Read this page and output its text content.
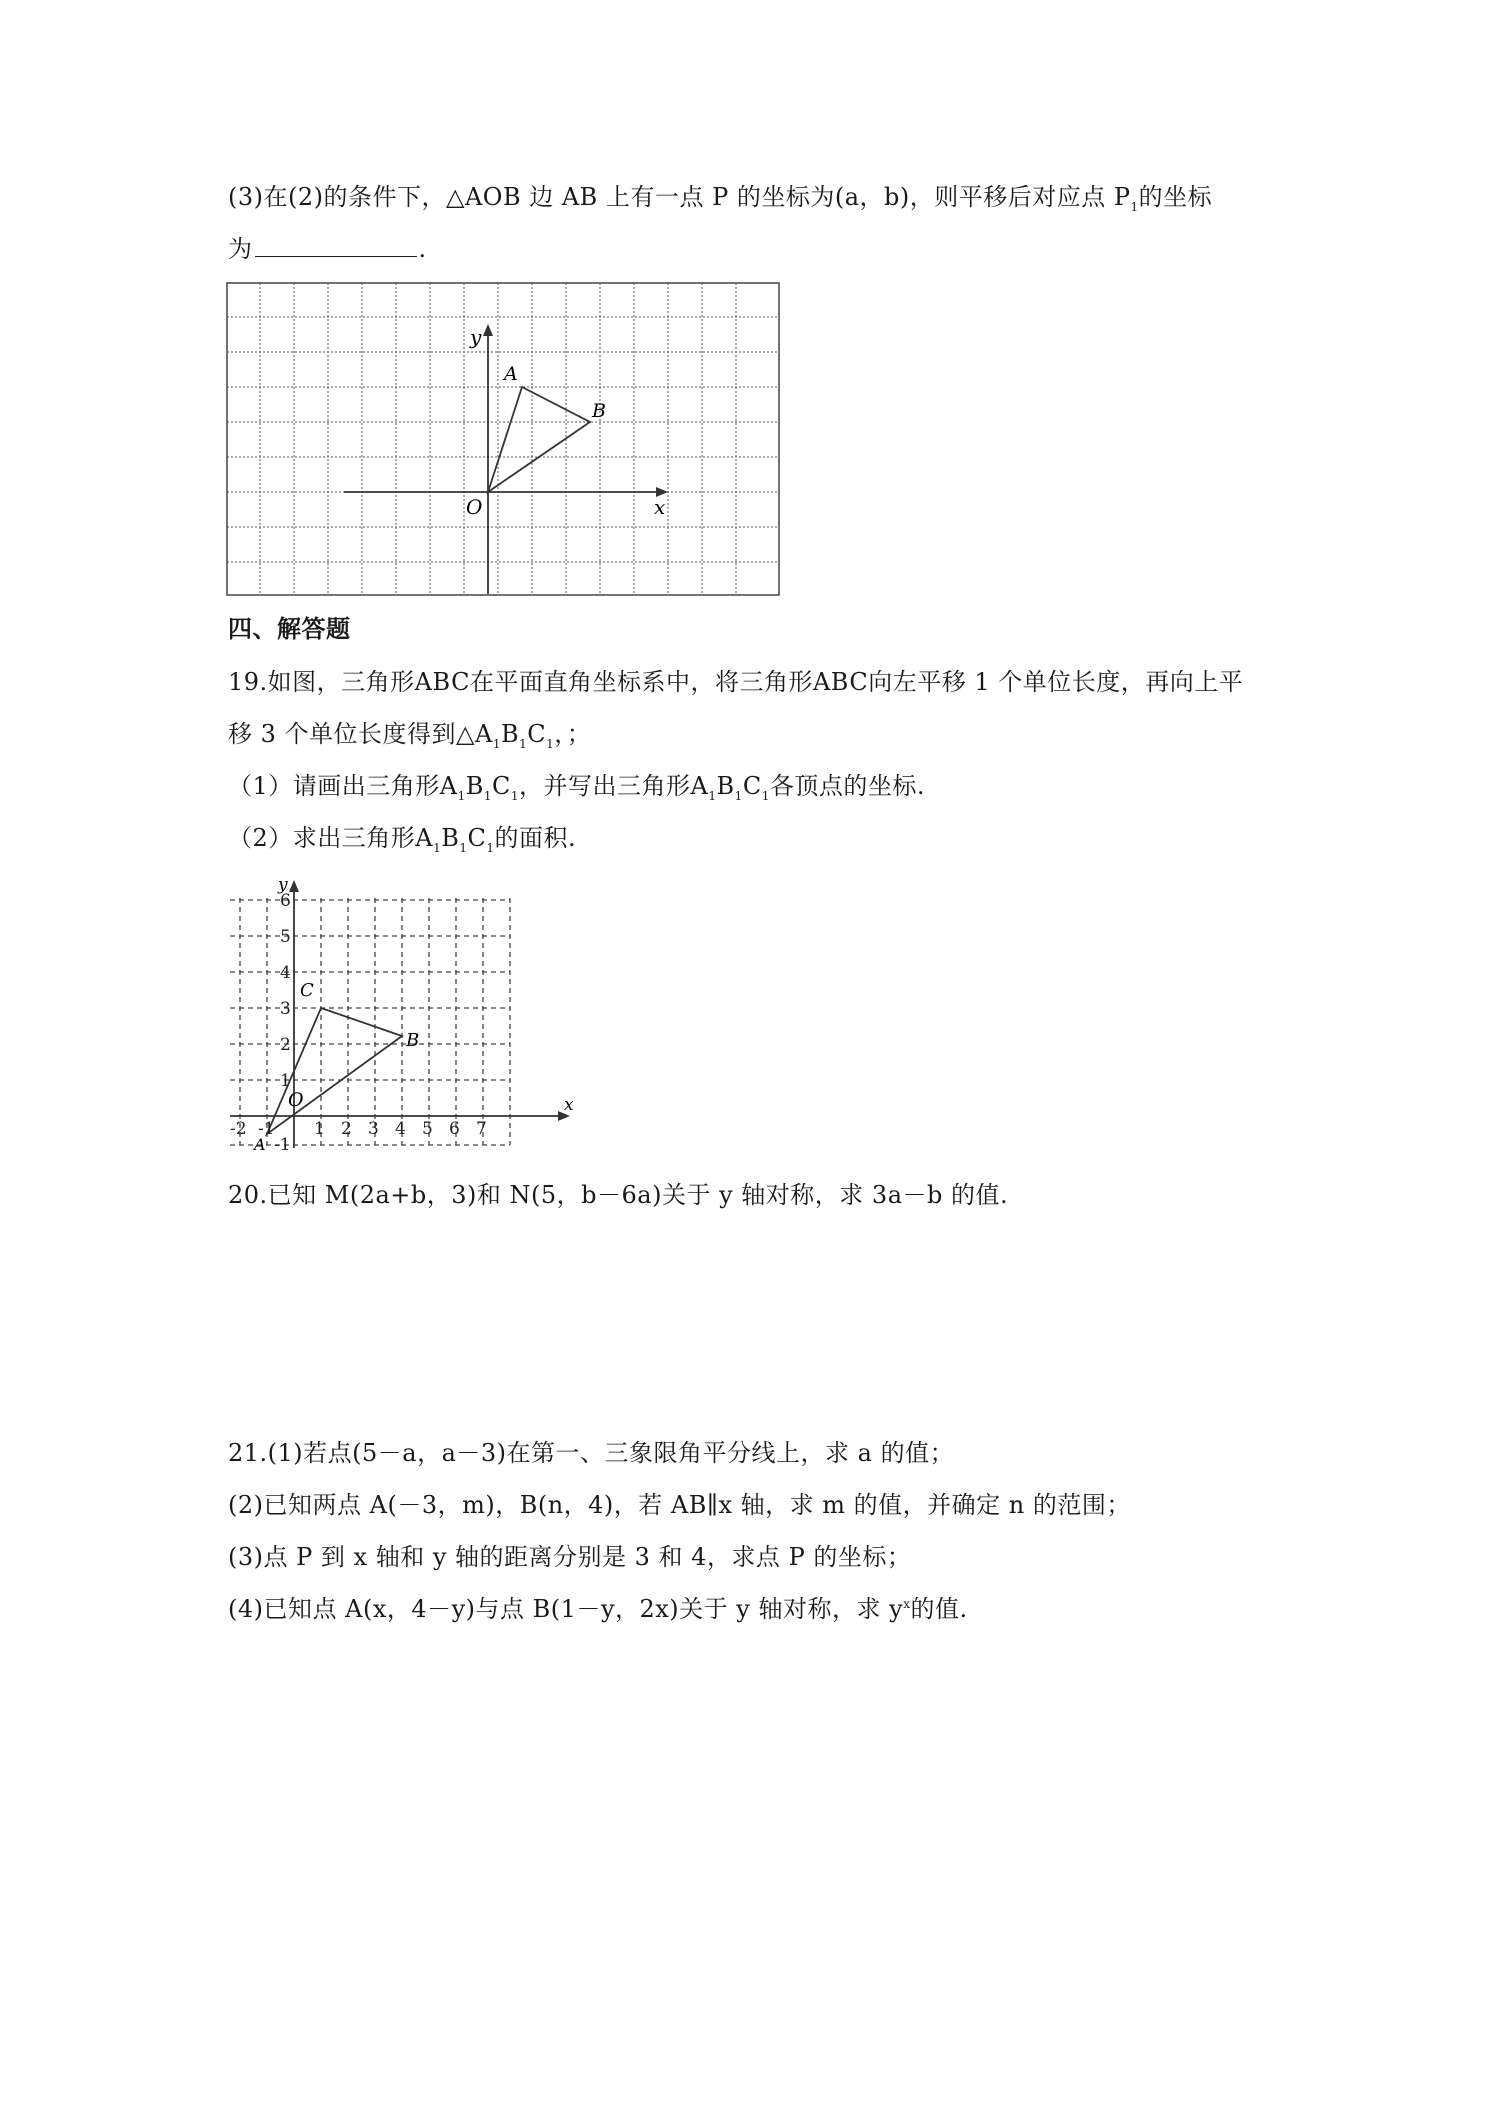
(3)在(2)的条件下，△AOB 边 AB 上有一点 P 的坐标为(a，b)，则平移后对应点 $P_1$的坐标
为	.
y
x
O
A
B
四、解答题
19.如图，三角形ABC在平面直角坐标系中，将三角形ABC向左平移 1 个单位长度，再向上平
移 3 个单位长度得到$\triangle A_1B_1C_1$，；
（1）请画出三角形$A_1B_1C_1$，并写出三角形$A_1B_1C_1$各顶点的坐标.
（2）求出三角形$A_1B_1C_1$的面积.
y
x
O
-2 -1 1 2 3 4 5 6 7
6
5
4
3
2
1
-1
C
B
A
20.已知 M(2a+b，3)和 N(5，b－6a)关于 y 轴对称，求 3a－b 的值.
21.(1)若点(5－a，a－3)在第一、三象限角平分线上，求 a 的值；
(2)已知两点 A(－3，m)，B(n，4)，若 AB∥x 轴，求 m 的值，并确定 n 的范围；
(3)点 P 到 x 轴和 y 轴的距离分别是 3 和 4，求点 P 的坐标；
(4)已知点 A(x，4－y)与点 B(1－y，2x)关于 y 轴对称，求 $y^x$的值.
